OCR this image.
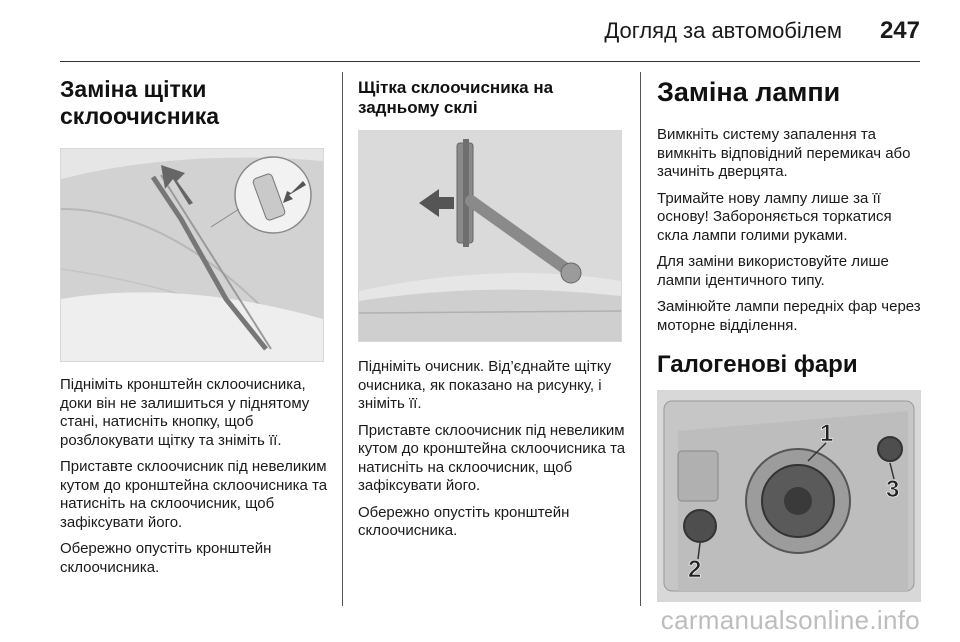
Догляд за автомобілем 247
Заміна щітки склоочисника

Підніміть кронштейн склоочисника, доки він не залишиться у піднятому стані, натисніть кнопку, щоб розблокувати щітку та зніміть її.

Приставте склоочисник під невеликим кутом до кронштейна склоочисника та натисніть на склоочисник, щоб зафіксувати його.

Обережно опустіть кронштейн склоочисника.

Щітка склоочисника на задньому склі

Підніміть очисник. Від’єднайте щітку очисника, як показано на рисунку, і зніміть її.

Приставте склоочисник під невеликим кутом до кронштейна склоочисника та натисніть на склоочисник, щоб зафіксувати його.

Обережно опустіть кронштейн склоочисника.

Заміна лампи

Вимкніть систему запалення та вимкніть відповідний перемикач або зачиніть дверцята.

Тримайте нову лампу лише за її основу! Забороняється торкатися скла лампи голими руками.

Для заміни використовуйте лише лампи ідентичного типу.

Замінюйте лампи передніх фар через моторне відділення.

Галогенові фари
1
2
3
carmanualsonline.info
